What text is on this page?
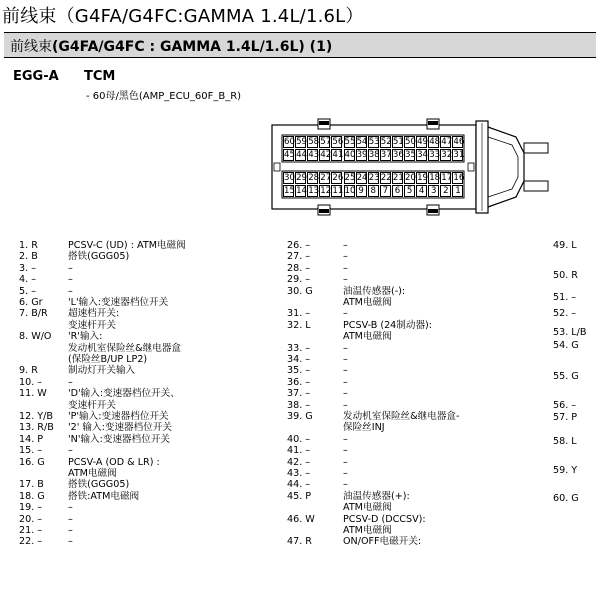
前线束（G4FA/G4FC:GAMMA 1.4L/1.6L）
前线束(G4FA/G4FC : GAMMA 1.4L/1.6L) (1)
EGG-A TCM
- 60母/黑色(AMP_ECU_60F_B_R)
60 59 58 57 56 55 54 53 52 51 50 49 48 47 46
45 44 43 42 41 40 39 38 37 36 35 34 33 32 31
30 29 28 27 26 25 24 23 22 21 20 19 18 17 16
15 14 13 12 11 10 9 8 7 6 5 4 3 2 1
1. R	PCSV-C (UD) : ATM电磁阀
2. B	搭铁(GGG05)
3. –	–
4. –	–
5. –	–
6. Gr	'L'输入:变速器档位开关
7. B/R 超速档开关:
变速杆开关
8. W/O 'R'输入:
发动机室保险丝&继电器盒
(保险丝B/UP LP2)
9. R	制动灯开关输入
10. –	–
11. W 'D'输入:变速器档位开关、
变速杆开关
12. Y/B 'P'输入:变速器档位开关
13. R/B '2' 输入:变速器档位开关
14. P	'N'输入:变速器档位开关
15. –	–
16. G PCSV-A (OD & LR) :
ATM电磁阀
17. B	搭铁(GGG05)
18. G 搭铁:ATM电磁阀
19. –	–
20. –	–
21. –	–
22. –	–
26. –	–
27. –	–
28. –	–
29. –	–
30. G	油温传感器(-):
ATM电磁阀
31. –	–
32. L	PCSV-B (24制动器):
ATM电磁阀
33. –	–
34. –	–
35. –	–
36. –	–
37. –	–
38. –	–
39. G	发动机室保险丝&继电器盒-
保险丝INJ
40. –	–
41. –	–
42. –	–
43. –	–
44. –	–
45. P	油温传感器(+):
ATM电磁阀
46. W	PCSV-D (DCCSV):
ATM电磁阀
47. R	ON/OFF电磁开关:
49. L
50. R
51. –
52. –
53. L/B
54. G
55. G
56. –
57. P
58. L
59. Y
60. G
